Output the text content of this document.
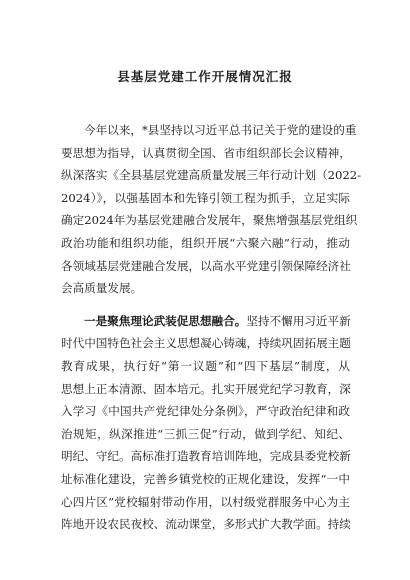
县基层党建工作开展情况汇报
今年以来，*县坚持以习近平总书记关于党的建设的重
要思想为指导，认真贯彻全国、省市组织部长会议精神，
纵深落实《全县基层党建高质量发展三年行动计划（2022-
2024）》，以强基固本和先锋引领工程为抓手，立足实际
确定2024年为基层党建融合发展年，聚焦增强基层党组织
政治功能和组织功能，组织开展“六聚六融”行动，推动
各领域基层党建融合发展，以高水平党建引领保障经济社
会高质量发展。
一是聚焦理论武装促思想融合。坚持不懈用习近平新
时代中国特色社会主义思想凝心铸魂，持续巩固拓展主题
教育成果，执行好“第一议题”和“四下基层”制度，从
思想上正本清源、固本培元。扎实开展党纪学习教育，深
入学习《中国共产党纪律处分条例》，严守政治纪律和政
治规矩，纵深推进“三抓三促”行动，做到学纪、知纪、
明纪、守纪。高标准打造教育培训阵地，完成县委党校新
址标准化建设，完善乡镇党校的正规化建设，发挥“一中
心四片区”党校辐射带动作用，以村级党群服务中心为主
阵地开设农民夜校、流动课堂，多形式扩大教学面。持续
